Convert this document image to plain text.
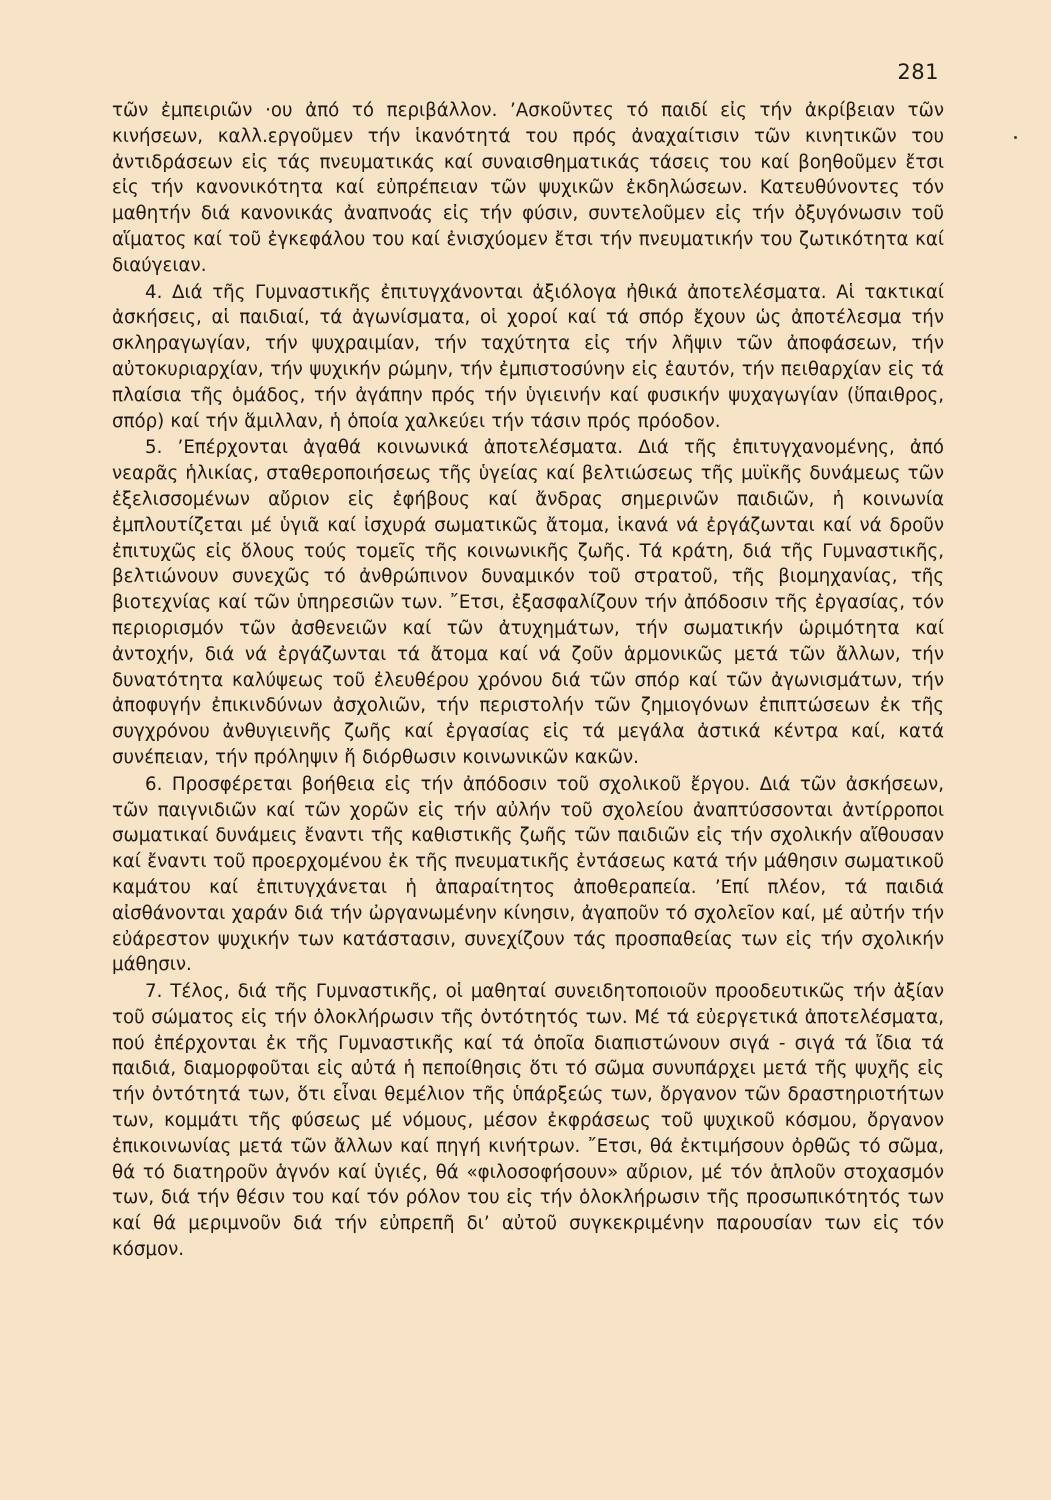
281

τῶν ἐμπειριῶν ·ου ἀπό τό περιβάλλον. ’Ασκοῦντες τό παιδί εἰς τήν ἀκρίβειαν τῶν κινήσεων, καλλ.εργοῦμεν τήν ἱκανότητά του πρός ἀναχαίτισιν τῶν κινητικῶν του ἀντιδράσεων εἰς τάς πνευματικάς καί συναισθηματικάς τάσεις του καί βοηθοῦμεν ἔτσι εἰς τήν κανονικότητα καί εὐπρέπειαν τῶν ψυχικῶν ἐκδηλώσεων. Κατευθύνοντες τόν μαθητήν διά κανονικάς ἀναπνοάς εἰς τήν φύσιν, συντελοῦμεν εἰς τήν ὀξυγόνωσιν τοῦ αἵματος καί τοῦ ἐγκεφάλου του καί ἐνισχύομεν ἔτσι τήν πνευματικήν του ζωτικότητα καί διαύγειαν.

4. Διά τῆς Γυμναστικῆς ἐπιτυγχάνονται ἀξιόλογα ἠθικά ἀποτελέσματα. Αἱ τακτικαί ἀσκήσεις, αἱ παιδιαί, τά ἀγωνίσματα, οἱ χοροί καί τά σπόρ ἔχουν ὡς ἀποτέλεσμα τήν σκληραγωγίαν, τήν ψυχραιμίαν, τήν ταχύτητα εἰς τήν λῆψιν τῶν ἀποφάσεων, τήν αὐτοκυριαρχίαν, τήν ψυχικήν ρώμην, τήν ἐμπιστοσύνην εἰς ἑαυτόν, τήν πειθαρχίαν εἰς τά πλαίσια τῆς ὁμάδος, τήν ἀγάπην πρός τήν ὑγιεινήν καί φυσικήν ψυχαγωγίαν (ὕπαιθρος, σπόρ) καί τήν ἅμιλλαν, ἡ ὁποία χαλκεύει τήν τάσιν πρός πρόοδον.

5. ’Επέρχονται ἀγαθά κοινωνικά ἀποτελέσματα. Διά τῆς ἐπιτυγχανομένης, ἀπό νεαρᾶς ἡλικίας, σταθεροποιήσεως τῆς ὑγείας καί βελτιώσεως τῆς μυϊκῆς δυνάμεως τῶν ἐξελισσομένων αὔριον εἰς ἐφήβους καί ἄνδρας σημερινῶν παιδιῶν, ἡ κοινωνία ἐμπλουτίζεται μέ ὑγιᾶ καί ἰσχυρά σωματικῶς ἄτομα, ἱκανά νά ἐργάζωνται καί νά δροῦν ἐπιτυχῶς εἰς ὅλους τούς τομεῖς τῆς κοινωνικῆς ζωῆς. Τά κράτη, διά τῆς Γυμναστικῆς, βελτιώνουν συνεχῶς τό ἀνθρώπινον δυναμικόν τοῦ στρατοῦ, τῆς βιομηχανίας, τῆς βιοτεχνίας καί τῶν ὑπηρεσιῶν των. ῎Ετσι, ἐξασφαλίζουν τήν ἀπόδοσιν τῆς ἐργασίας, τόν περιορισμόν τῶν ἀσθενειῶν καί τῶν ἀτυχημάτων, τήν σωματικήν ὡριμότητα καί ἀντοχήν, διά νά ἐργάζωνται τά ἄτομα καί νά ζοῦν ἁρμονικῶς μετά τῶν ἄλλων, τήν δυνατότητα καλύψεως τοῦ ἐλευθέρου χρόνου διά τῶν σπόρ καί τῶν ἀγωνισμάτων, τήν ἀποφυγήν ἐπικινδύνων ἀσχολιῶν, τήν περιστολήν τῶν ζημιογόνων ἐπιπτώσεων ἐκ τῆς συγχρόνου ἀνθυγιεινῆς ζωῆς καί ἐργασίας εἰς τά μεγάλα ἀστικά κέντρα καί, κατά συνέπειαν, τήν πρόληψιν ἤ διόρθωσιν κοινωνικῶν κακῶν.

6. Προσφέρεται βοήθεια εἰς τήν ἀπόδοσιν τοῦ σχολικοῦ ἔργου. Διά τῶν ἀσκήσεων, τῶν παιγνιδιῶν καί τῶν χορῶν εἰς τήν αὐλήν τοῦ σχολείου ἀναπτύσσονται ἀντίρροποι σωματικαί δυνάμεις ἔναντι τῆς καθιστικῆς ζωῆς τῶν παιδιῶν εἰς τήν σχολικήν αἴθουσαν καί ἔναντι τοῦ προερχομένου ἐκ τῆς πνευματικῆς ἐντάσεως κατά τήν μάθησιν σωματικοῦ καμάτου καί ἐπιτυγχάνεται ἡ ἀπαραίτητος ἀποθεραπεία. ’Επί πλέον, τά παιδιά αἰσθάνονται χαράν διά τήν ὠργανωμένην κίνησιν, ἀγαποῦν τό σχολεῖον καί, μέ αὐτήν τήν εὐάρεστον ψυχικήν των κατάστασιν, συνεχίζουν τάς προσπαθείας των εἰς τήν σχολικήν μάθησιν.

7. Τέλος, διά τῆς Γυμναστικῆς, οἱ μαθηταί συνειδητοποιοῦν προοδευτικῶς τήν ἀξίαν τοῦ σώματος εἰς τήν ὁλοκλήρωσιν τῆς ὀντότητός των. Μέ τά εὐεργετικά ἀποτελέσματα, πού ἐπέρχονται ἐκ τῆς Γυμναστικῆς καί τά ὁποῖα διαπιστώνουν σιγά - σιγά τά ἴδια τά παιδιά, διαμορφοῦται εἰς αὐτά ἡ πεποίθησις ὅτι τό σῶμα συνυπάρχει μετά τῆς ψυχῆς εἰς τήν ὀντότητά των, ὅτι εἶναι θεμέλιον τῆς ὑπάρξεώς των, ὄργανον τῶν δραστηριοτήτων των, κομμάτι τῆς φύσεως μέ νόμους, μέσον ἐκφράσεως τοῦ ψυχικοῦ κόσμου, ὄργανον ἐπικοινωνίας μετά τῶν ἄλλων καί πηγή κινήτρων. ῎Ετσι, θά ἐκτιμήσουν ὀρθῶς τό σῶμα, θά τό διατηροῦν ἁγνόν καί ὑγιές, θά «φιλοσοφήσουν» αὔριον, μέ τόν ἁπλοῦν στοχασμόν των, διά τήν θέσιν του καί τόν ρόλον του εἰς τήν ὁλοκλήρωσιν τῆς προσωπικότητός των καί θά μεριμνοῦν διά τήν εὐπρεπῆ δι’ αὐτοῦ συγκεκριμένην παρουσίαν των εἰς τόν κόσμον.
